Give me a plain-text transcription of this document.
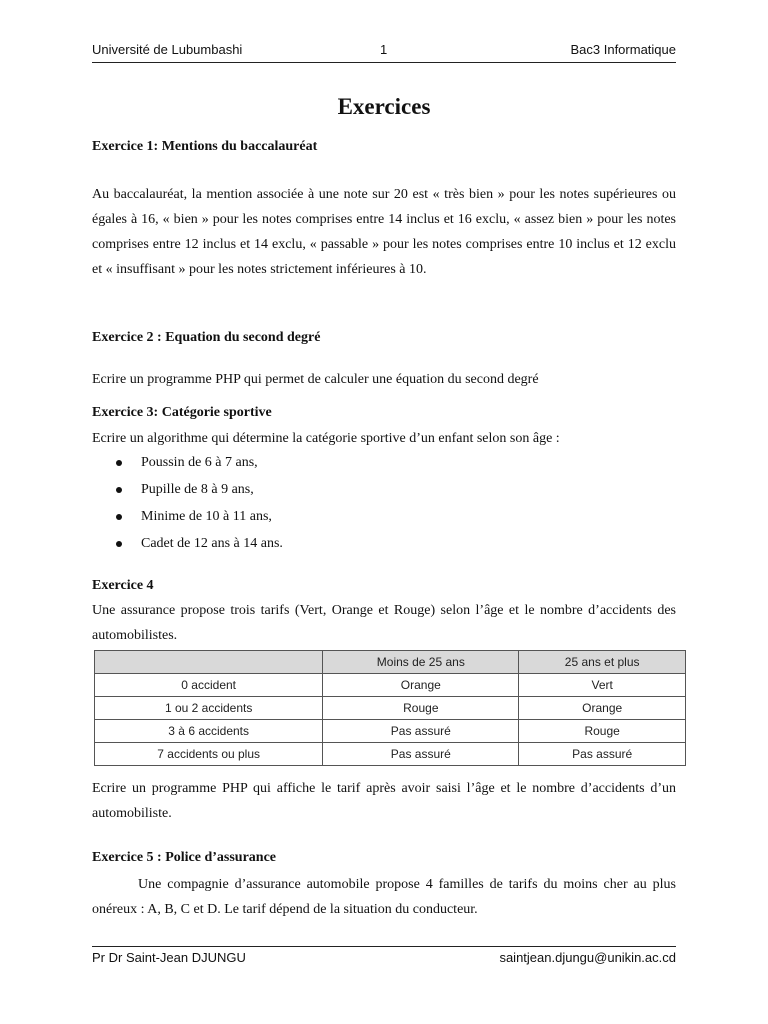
Université de Lubumbashi	1	Bac3 Informatique
Exercices
Exercice 1: Mentions du baccalauréat
Au baccalauréat, la mention associée à une note sur 20 est « très bien » pour les notes supérieures ou égales à 16, « bien » pour les notes comprises entre 14 inclus et 16 exclu, « assez bien » pour les notes comprises entre 12 inclus et 14 exclu, « passable » pour les notes comprises entre 10 inclus et 12 exclu et « insuffisant » pour les notes strictement inférieures à 10.
Exercice 2 : Equation du second degré
Ecrire un programme PHP qui permet de calculer une équation du second degré
Exercice 3: Catégorie sportive
Ecrire un algorithme qui détermine la catégorie sportive d’un enfant selon son âge :
Poussin de 6 à 7 ans,
Pupille de 8 à 9 ans,
Minime de 10 à 11 ans,
Cadet de 12 ans à 14 ans.
Exercice 4
Une assurance propose trois tarifs (Vert, Orange et Rouge) selon l’âge et le nombre d’accidents des automobilistes.
	Moins de 25 ans	25 ans et plus
0 accident	Orange	Vert
1 ou 2 accidents	Rouge	Orange
3 à 6 accidents	Pas assuré	Rouge
7 accidents ou plus	Pas assuré	Pas assuré
Ecrire un programme PHP qui affiche le tarif après avoir saisi l’âge et le nombre d’accidents d’un automobiliste.
Exercice 5 : Police d’assurance
Une compagnie d’assurance automobile propose 4 familles de tarifs du moins cher au plus onéreux : A, B, C et D. Le tarif dépend de la situation du conducteur.
Pr Dr Saint-Jean DJUNGU	saintjean.djungu@unikin.ac.cd
